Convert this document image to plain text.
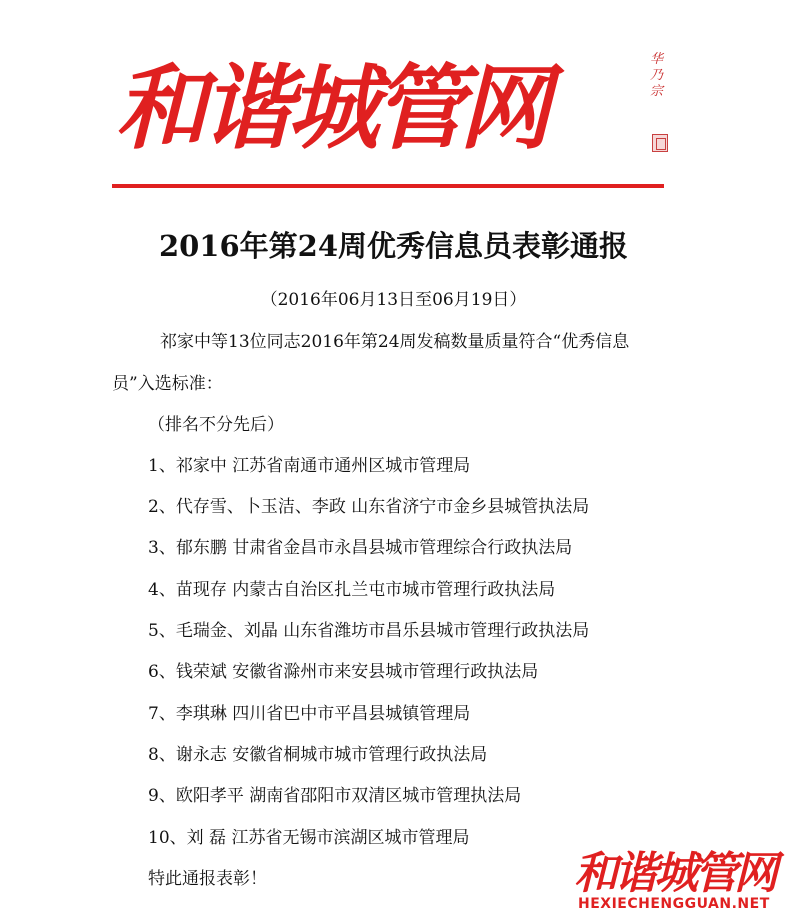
和谐城管网	华乃宗
2016年第24周优秀信息员表彰通报
（2016年06月13日至06月19日）
祁家中等13位同志2016年第24周发稿数量质量符合“优秀信息
员”入选标准：
（排名不分先后）
1、祁家中 江苏省南通市通州区城市管理局
2、代存雪、卜玉洁、李政 山东省济宁市金乡县城管执法局
3、郁东鹏 甘肃省金昌市永昌县城市管理综合行政执法局
4、苗现存 内蒙古自治区扎兰屯市城市管理行政执法局
5、毛瑞金、刘晶 山东省潍坊市昌乐县城市管理行政执法局
6、钱荣斌 安徽省滁州市来安县城市管理行政执法局
7、李琪琳 四川省巴中市平昌县城镇管理局
8、谢永志 安徽省桐城市城市管理行政执法局
9、欧阳孝平 湖南省邵阳市双清区城市管理执法局
10、刘 磊 江苏省无锡市滨湖区城市管理局
特此通报表彰！	和谐城管网
HEXIECHENGGUAN.NET
